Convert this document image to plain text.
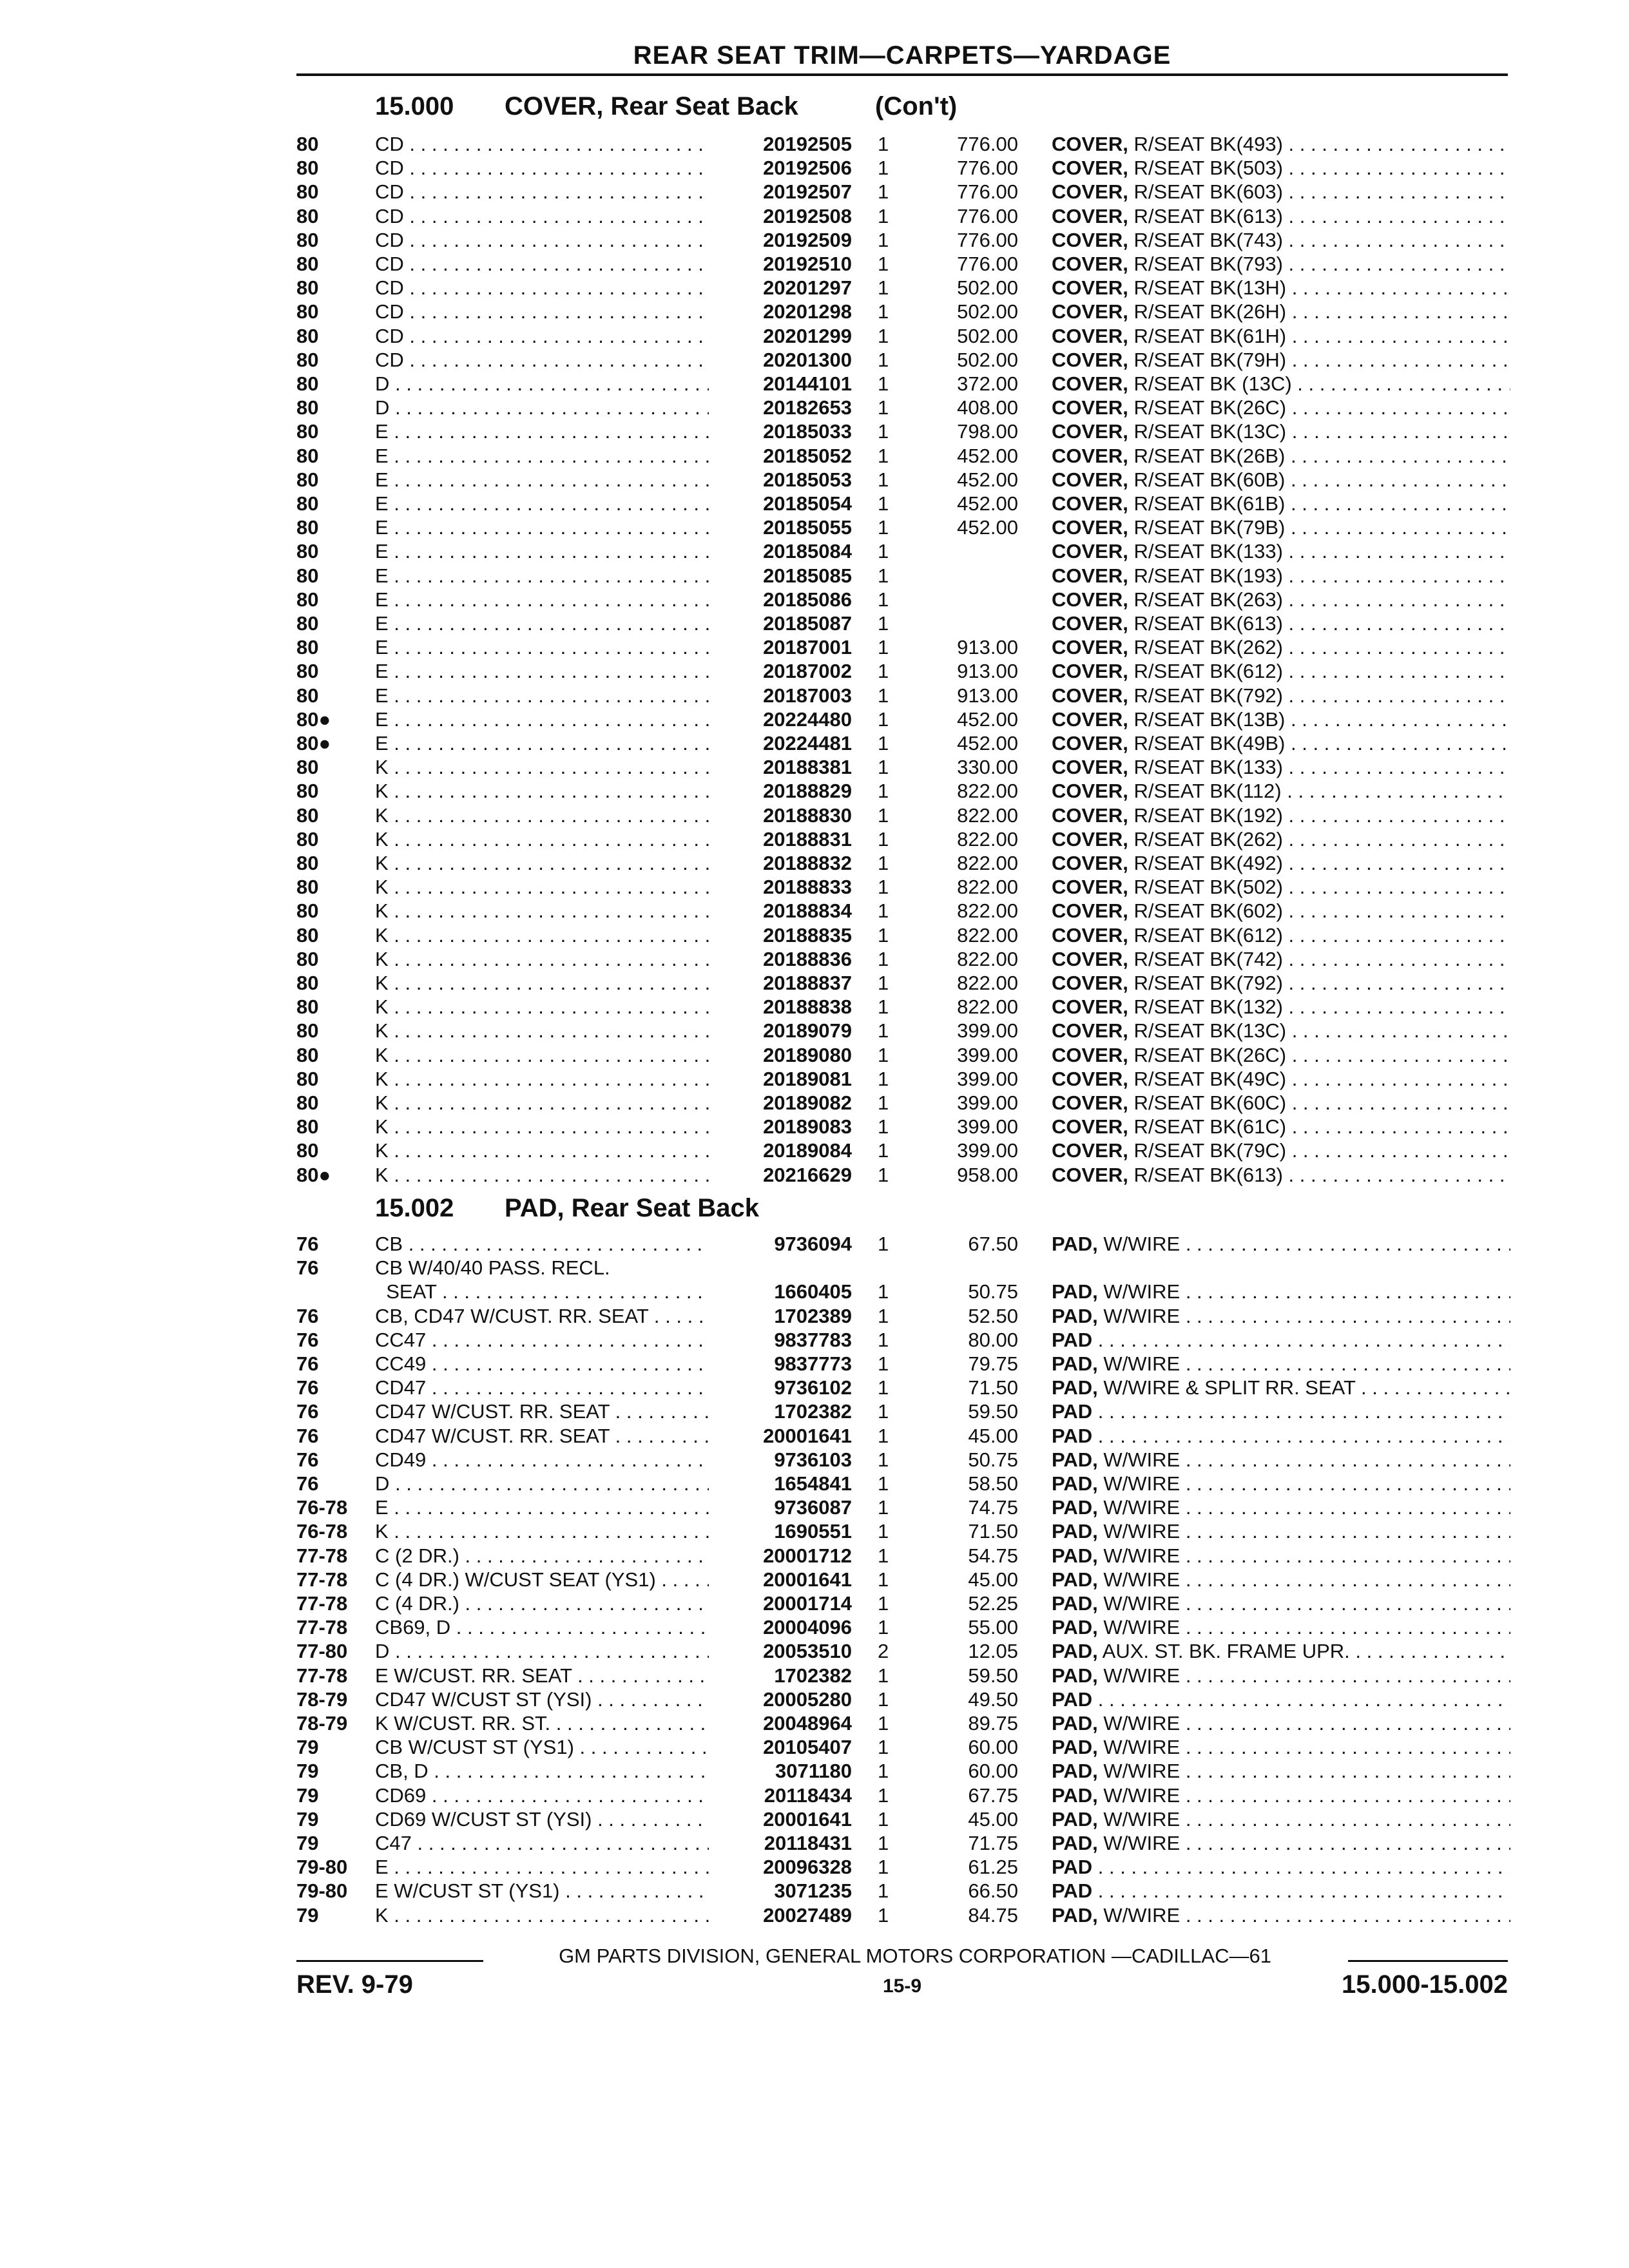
REAR SEAT TRIM—CARPETS—YARDAGE
15.000 COVER, Rear Seat Back	(Con't)
80	CD . . .	20192505 1	776.00 COVER, R/SEAT BK(493) . . .
80	CD . . .	20192506 1	776.00 COVER, R/SEAT BK(503) . . .
80	CD . . .	20192507 1	776.00 COVER, R/SEAT BK(603) . . .
80	CD . . .	20192508 1	776.00 COVER, R/SEAT BK(613) . . .
80	CD . . .	20192509 1	776.00 COVER, R/SEAT BK(743) . . .
80	CD . . .	20192510 1	776.00 COVER, R/SEAT BK(793) . . .
80	CD . . .	20201297 1	502.00 COVER, R/SEAT BK(13H) . . .
80	CD . . .	20201298 1	502.00 COVER, R/SEAT BK(26H) . . .
80	CD . . .	20201299 1	502.00 COVER, R/SEAT BK(61H) . . .
80	CD . . .	20201300 1	502.00 COVER, R/SEAT BK(79H) . . .
80	D . . .	20144101 1	372.00 COVER, R/SEAT BK (13C) . . .
80	D . . .	20182653 1	408.00 COVER, R/SEAT BK(26C) . . .
80	E . . .	20185033 1	798.00 COVER, R/SEAT BK(13C) . . .
80	E . . .	20185052 1	452.00 COVER, R/SEAT BK(26B) . . .
80	E . . .	20185053 1	452.00 COVER, R/SEAT BK(60B) . . .
80	E . . .	20185054 1	452.00 COVER, R/SEAT BK(61B) . . .
80	E . . .	20185055 1	452.00 COVER, R/SEAT BK(79B) . . .
80	E . . .	20185084 1	COVER, R/SEAT BK(133) . . .
80	E . . .	20185085 1	COVER, R/SEAT BK(193) . . .
80	E . . .	20185086 1	COVER, R/SEAT BK(263) . . .
80	E . . .	20185087 1	COVER, R/SEAT BK(613) . . .
80	E . . .	20187001 1	913.00 COVER, R/SEAT BK(262) . . .
80	E . . .	20187002 1	913.00 COVER, R/SEAT BK(612) . . .
80	E . . .	20187003 1	913.00 COVER, R/SEAT BK(792) . . .
80● E . . .	20224480 1	452.00 COVER, R/SEAT BK(13B) . . .
80● E . . .	20224481 1	452.00 COVER, R/SEAT BK(49B) . . .
80	K . . .	20188381 1	330.00 COVER, R/SEAT BK(133) . . .
80	K . . .	20188829 1	822.00 COVER, R/SEAT BK(112) . . .
80	K . . .	20188830 1	822.00 COVER, R/SEAT BK(192) . . .
80	K . . .	20188831 1	822.00 COVER, R/SEAT BK(262) . . .
80	K . . .	20188832 1	822.00 COVER, R/SEAT BK(492) . . .
80	K . . .	20188833 1	822.00 COVER, R/SEAT BK(502) . . .
80	K . . .	20188834 1	822.00 COVER, R/SEAT BK(602) . . .
80	K . . .	20188835 1	822.00 COVER, R/SEAT BK(612) . . .
80	K . . .	20188836 1	822.00 COVER, R/SEAT BK(742) . . .
80	K . . .	20188837 1	822.00 COVER, R/SEAT BK(792) . . .
80	K . . .	20188838 1	822.00 COVER, R/SEAT BK(132) . . .
80	K . . .	20189079 1	399.00 COVER, R/SEAT BK(13C) . . .
80	K . . .	20189080 1	399.00 COVER, R/SEAT BK(26C) . . .
80	K . . .	20189081 1	399.00 COVER, R/SEAT BK(49C) . . .
80	K . . .	20189082 1	399.00 COVER, R/SEAT BK(60C) . . .
80	K . . .	20189083 1	399.00 COVER, R/SEAT BK(61C) . . .
80	K . . .	20189084 1	399.00 COVER, R/SEAT BK(79C) . . .
80● K . . .	20216629 1	958.00 COVER, R/SEAT BK(613) . . .
15.002 PAD, Rear Seat Back
76	CB . . .	9736094 1	67.50 PAD, W/WIRE . . .
76	CB W/40/40 PASS. RECL.
SEAT . . .	1660405 1	50.75 PAD, W/WIRE . . .
76	CB, CD47 W/CUST. RR. SEAT . . .	1702389 1	52.50 PAD, W/WIRE . . .
76	CC47 . . .	9837783 1	80.00 PAD . . .
76	CC49 . . .	9837773 1	79.75 PAD, W/WIRE . . .
76	CD47 . . .	9736102 1	71.50 PAD, W/WIRE & SPLIT RR. SEAT . . .
76	CD47 W/CUST. RR. SEAT . . .	1702382 1	59.50 PAD . . .
76	CD47 W/CUST. RR. SEAT . . .	20001641 1	45.00 PAD . . .
76	CD49 . . .	9736103 1	50.75 PAD, W/WIRE . . .
76	D . . .	1654841 1	58.50 PAD, W/WIRE . . .
76-78 E . . .	9736087 1	74.75 PAD, W/WIRE . . .
76-78 K . . .	1690551 1	71.50 PAD, W/WIRE . . .
77-78 C (2 DR.) . . .	20001712 1	54.75 PAD, W/WIRE . . .
77-78 C (4 DR.) W/CUST SEAT (YS1) . . .	20001641 1	45.00 PAD, W/WIRE . . .
77-78 C (4 DR.) . . .	20001714 1	52.25 PAD, W/WIRE . . .
77-78 CB69, D . . .	20004096 1	55.00 PAD, W/WIRE . . .
77-80 D . . .	20053510 2	12.05 PAD, AUX. ST. BK. FRAME UPR. . . .
77-78 E W/CUST. RR. SEAT . . .	1702382 1	59.50 PAD, W/WIRE . . .
78-79 CD47 W/CUST ST (YSI) . . .	20005280 1	49.50 PAD . . .
78-79 K W/CUST. RR. ST. . . .	20048964 1	89.75 PAD, W/WIRE . . .
79	CB W/CUST ST (YS1) . . .	20105407 1	60.00 PAD, W/WIRE . . .
79	CB, D . . .	3071180 1	60.00 PAD, W/WIRE . . .
79	CD69 . . .	20118434 1	67.75 PAD, W/WIRE . . .
79	CD69 W/CUST ST (YSI) . . .	20001641 1	45.00 PAD, W/WIRE . . .
79	C47 . . .	20118431 1	71.75 PAD, W/WIRE . . .
79-80 E . . .	20096328 1	61.25 PAD . . .
79-80 E W/CUST ST (YS1) . . .	3071235 1	66.50 PAD . . .
79	K . . .	20027489 1	84.75 PAD, W/WIRE . . .
GM PARTS DIVISION, GENERAL MOTORS CORPORATION —CADILLAC—61
REV. 9-79	15-9	15.000-15.002
